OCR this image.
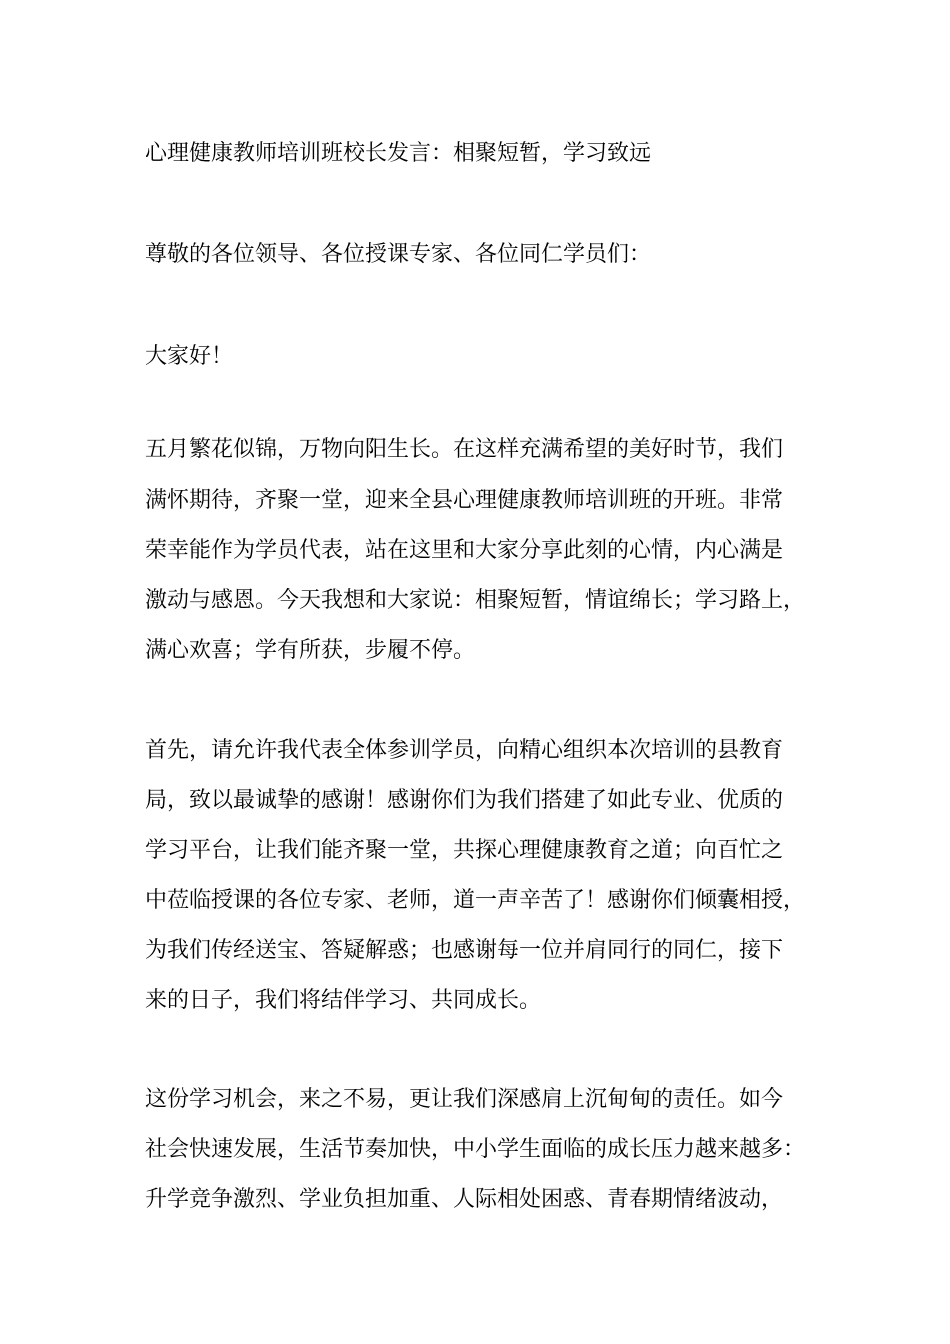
心理健康教师培训班校长发言：相聚短暂，学习致远

尊敬的各位领导、各位授课专家、各位同仁学员们：

大家好！

五月繁花似锦，万物向阳生长。在这样充满希望的美好时节，我们

满怀期待，齐聚一堂，迎来全县心理健康教师培训班的开班。非常

荣幸能作为学员代表，站在这里和大家分享此刻的心情，内心满是

激动与感恩。今天我想和大家说：相聚短暂，情谊绵长；学习路上，

满心欢喜；学有所获，步履不停。

首先，请允许我代表全体参训学员，向精心组织本次培训的县教育

局，致以最诚挚的感谢！感谢你们为我们搭建了如此专业、优质的

学习平台，让我们能齐聚一堂，共探心理健康教育之道；向百忙之

中莅临授课的各位专家、老师，道一声辛苦了！感谢你们倾囊相授，

为我们传经送宝、答疑解惑；也感谢每一位并肩同行的同仁，接下

来的日子，我们将结伴学习、共同成长。

这份学习机会，来之不易，更让我们深感肩上沉甸甸的责任。如今

社会快速发展，生活节奏加快，中小学生面临的成长压力越来越多：

升学竞争激烈、学业负担加重、人际相处困惑、青春期情绪波动，
